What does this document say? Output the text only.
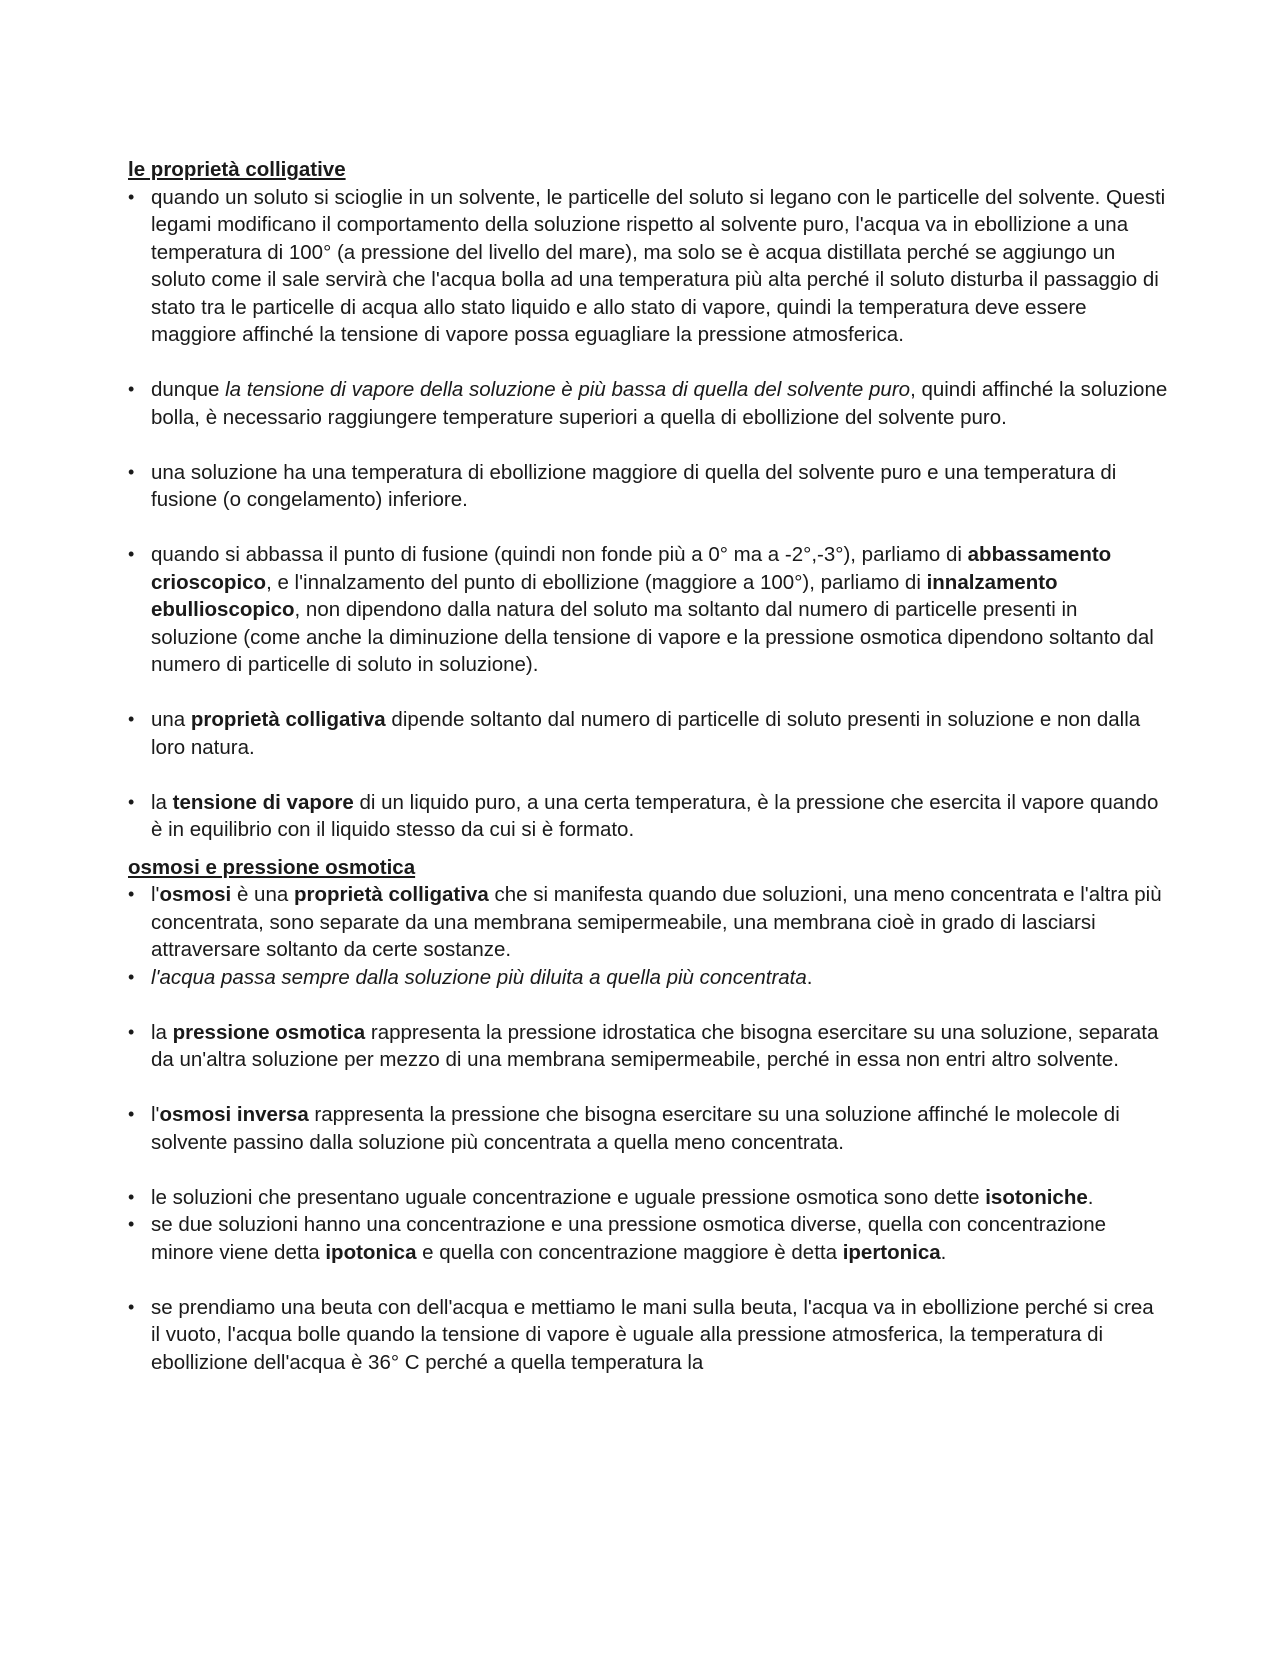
le proprietà colligative

• quando un soluto si scioglie in un solvente, le particelle del soluto si legano con le particelle del solvente. Questi legami modificano il comportamento della soluzione rispetto al solvente puro, l'acqua va in ebollizione a una temperatura di 100° (a pressione del livello del mare), ma solo se è acqua distillata perché se aggiungo un soluto come il sale servirà che l'acqua bolla ad una temperatura più alta perché il soluto disturba il passaggio di stato tra le particelle di acqua allo stato liquido e allo stato di vapore, quindi la temperatura deve essere maggiore affinché la tensione di vapore possa eguagliare la pressione atmosferica.
• dunque la tensione di vapore della soluzione è più bassa di quella del solvente puro, quindi affinché la soluzione bolla, è necessario raggiungere temperature superiori a quella di ebollizione del solvente puro.
• una soluzione ha una temperatura di ebollizione maggiore di quella del solvente puro e una temperatura di fusione (o congelamento) inferiore.
• quando si abbassa il punto di fusione (quindi non fonde più a 0° ma a -2°,-3°), parliamo di abbassamento crioscopico, e l'innalzamento del punto di ebollizione (maggiore a 100°), parliamo di innalzamento ebullioscopico, non dipendono dalla natura del soluto ma soltanto dal numero di particelle presenti in soluzione (come anche la diminuzione della tensione di vapore e la pressione osmotica dipendono soltanto dal numero di particelle di soluto in soluzione).
• una proprietà colligativa dipende soltanto dal numero di particelle di soluto presenti in soluzione e non dalla loro natura.
• la tensione di vapore di un liquido puro, a una certa temperatura, è la pressione che esercita il vapore quando è in equilibrio con il liquido stesso da cui si è formato.

osmosi e pressione osmotica

• l'osmosi è una proprietà colligativa che si manifesta quando due soluzioni, una meno concentrata e l'altra più concentrata, sono separate da una membrana semipermeabile, una membrana cioè in grado di lasciarsi attraversare soltanto da certe sostanze.
• l'acqua passa sempre dalla soluzione più diluita a quella più concentrata.
• la pressione osmotica rappresenta la pressione idrostatica che bisogna esercitare su una soluzione, separata da un'altra soluzione per mezzo di una membrana semipermeabile, perché in essa non entri altro solvente.
• l'osmosi inversa rappresenta la pressione che bisogna esercitare su una soluzione affinché le molecole di solvente passino dalla soluzione più concentrata a quella meno concentrata.
• le soluzioni che presentano uguale concentrazione e uguale pressione osmotica sono dette isotoniche.
• se due soluzioni hanno una concentrazione e una pressione osmotica diverse, quella con concentrazione minore viene detta ipotonica e quella con concentrazione maggiore è detta ipertonica.
• se prendiamo una beuta con dell'acqua e mettiamo le mani sulla beuta, l'acqua va in ebollizione perché si crea il vuoto, l'acqua bolle quando la tensione di vapore è uguale alla pressione atmosferica, la temperatura di ebollizione dell'acqua è 36° C perché a quella temperatura la
